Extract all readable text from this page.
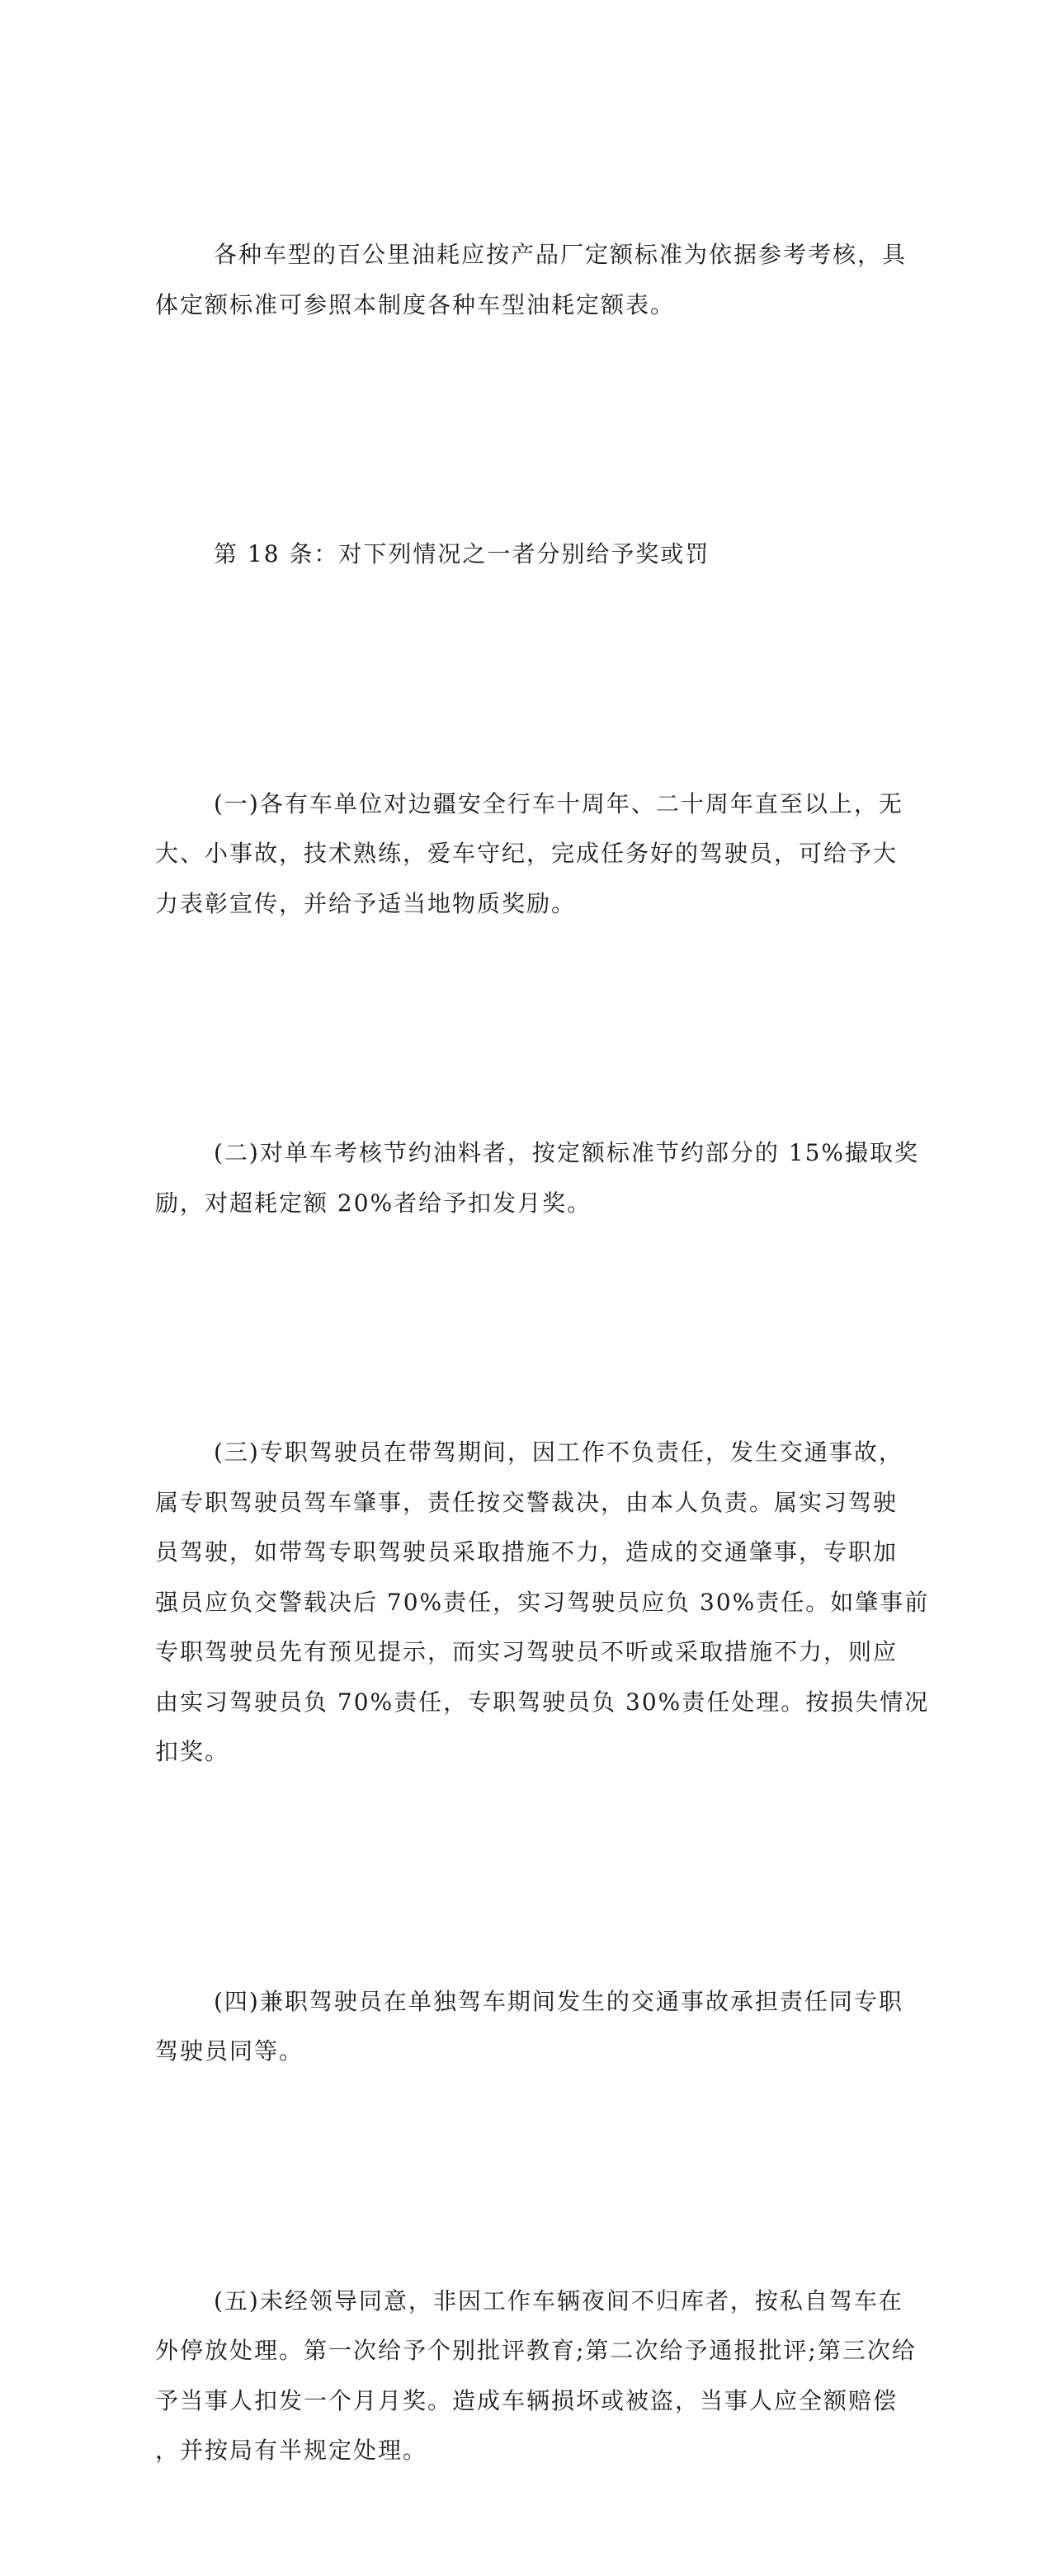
各种车型的百公里油耗应按产品厂定额标准为依据参考考核，具
体定额标准可参照本制度各种车型油耗定额表。

第 18 条：对下列情况之一者分别给予奖或罚

(一)各有车单位对边疆安全行车十周年、二十周年直至以上，无
大、小事故，技术熟练，爱车守纪，完成任务好的驾驶员，可给予大
力表彰宣传，并给予适当地物质奖励。

(二)对单车考核节约油料者，按定额标准节约部分的 15%撮取奖
励，对超耗定额 20%者给予扣发月奖。

(三)专职驾驶员在带驾期间，因工作不负责任，发生交通事故，
属专职驾驶员驾车肇事，责任按交警裁决，由本人负责。属实习驾驶
员驾驶，如带驾专职驾驶员采取措施不力，造成的交通肇事，专职加
强员应负交警载决后 70%责任，实习驾驶员应负 30%责任。如肇事前
专职驾驶员先有预见提示，而实习驾驶员不听或采取措施不力，则应
由实习驾驶员负 70%责任，专职驾驶员负 30%责任处理。按损失情况
扣奖。

(四)兼职驾驶员在单独驾车期间发生的交通事故承担责任同专职
驾驶员同等。

(五)未经领导同意，非因工作车辆夜间不归库者，按私自驾车在
外停放处理。第一次给予个别批评教育;第二次给予通报批评;第三次给
予当事人扣发一个月月奖。造成车辆损坏或被盗，当事人应全额赔偿
，并按局有半规定处理。
